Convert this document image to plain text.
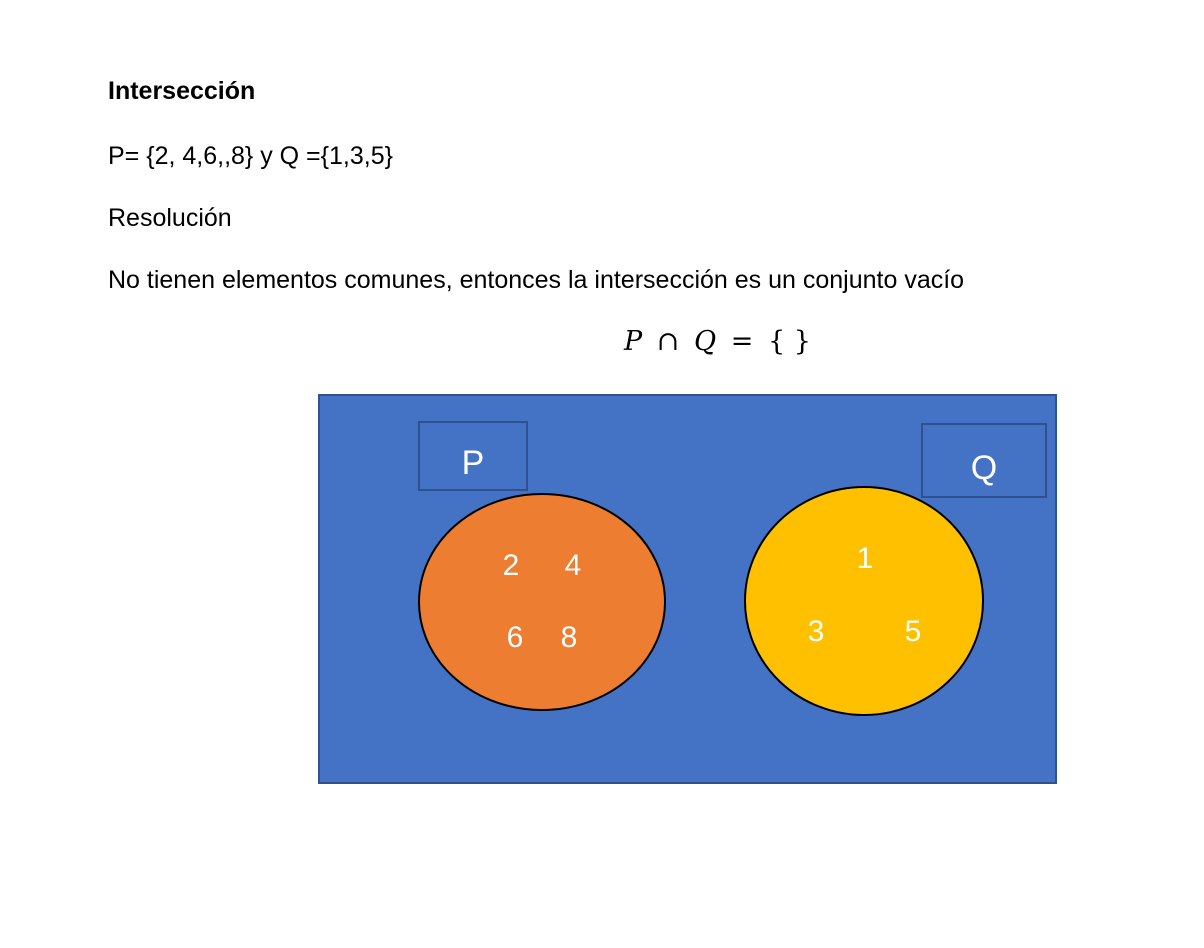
Intersección
P= {2, 4,6,,8} y Q ={1,3,5}
Resolución
No tienen elementos comunes, entonces la intersección es un conjunto vacío
P ∩ Q = { }
P	Q
2 4
6 8
1
3	5
